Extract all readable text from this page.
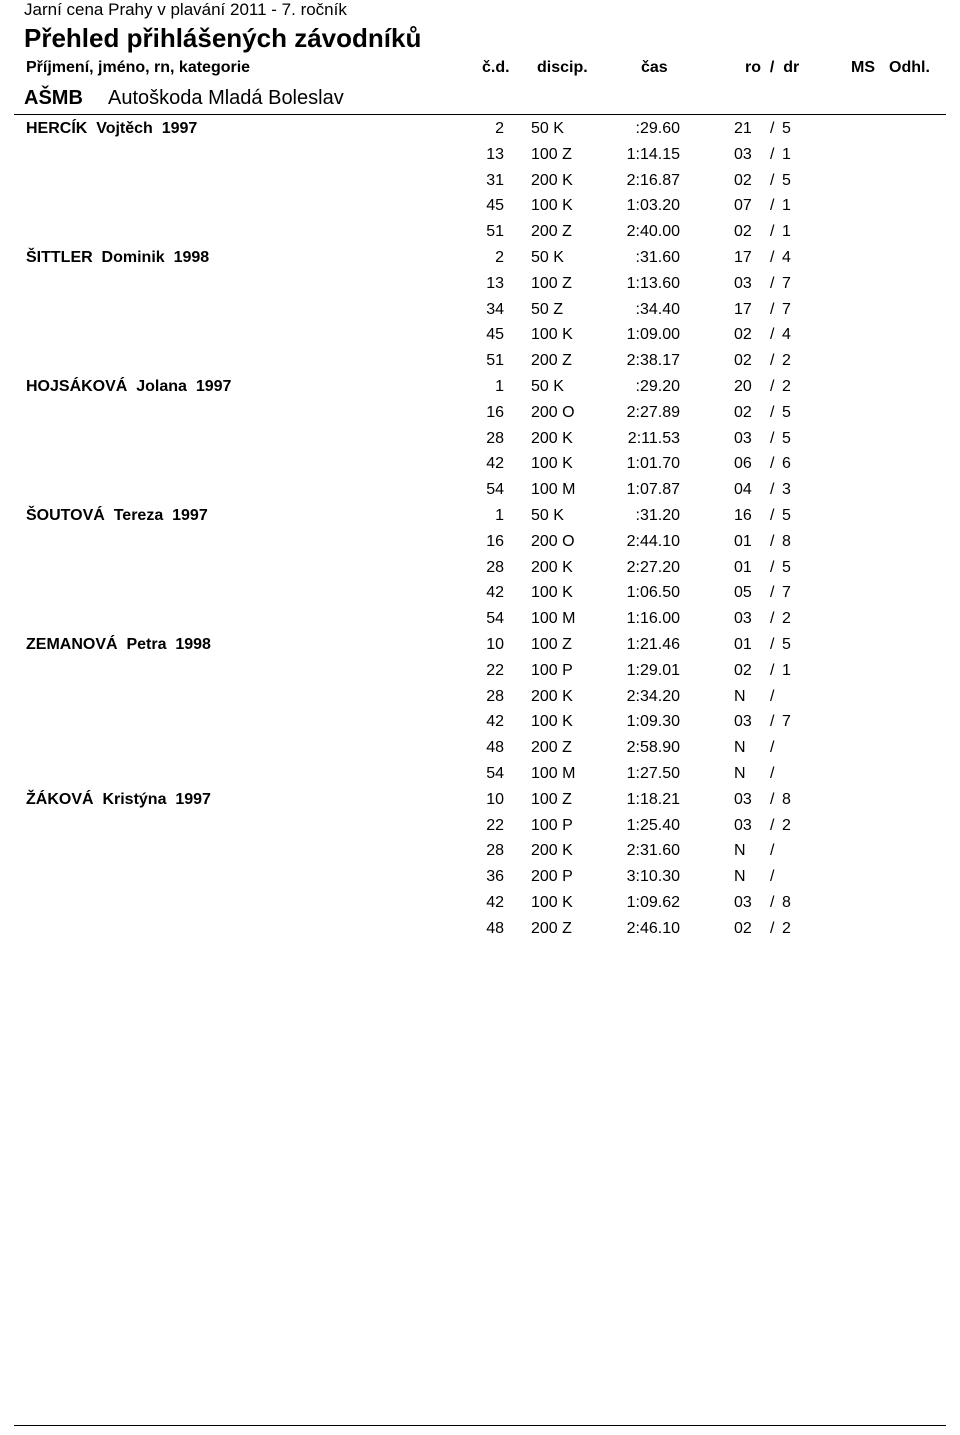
Jarní cena Prahy v plavání 2011 - 7. ročník
Přehled přihlášených závodníků
Příjmení, jméno, rn, kategorie	č.d. discip.	čas	ro  /  dr	MS Odhl.
AŠMB Autoškoda Mladá Boleslav
HERCÍK  Vojtěch  1997	2 50 K	:29.60	21 / 5
13 100 Z	1:14.15	03 / 1
31 200 K	2:16.87	02 / 5
45 100 K	1:03.20	07 / 1
51 200 Z	2:40.00	02 / 1
ŠITTLER  Dominik  1998	2 50 K	:31.60	17 / 4
13 100 Z	1:13.60	03 / 7
34 50 Z	:34.40	17 / 7
45 100 K	1:09.00	02 / 4
51 200 Z	2:38.17	02 / 2
HOJSÁKOVÁ  Jolana  1997	1 50 K	:29.20	20 / 2
16 200 O	2:27.89	02 / 5
28 200 K	2:11.53	03 / 5
42 100 K	1:01.70	06 / 6
54 100 M	1:07.87	04 / 3
ŠOUTOVÁ  Tereza  1997	1 50 K	:31.20	16 / 5
16 200 O	2:44.10	01 / 8
28 200 K	2:27.20	01 / 5
42 100 K	1:06.50	05 / 7
54 100 M	1:16.00	03 / 2
ZEMANOVÁ  Petra  1998	10 100 Z	1:21.46	01 / 5
22 100 P	1:29.01	02 / 1
28 200 K	2:34.20	N /
42 100 K	1:09.30	03 / 7
48 200 Z	2:58.90	N /
54 100 M	1:27.50	N /
ŽÁKOVÁ  Kristýna  1997	10 100 Z	1:18.21	03 / 8
22 100 P	1:25.40	03 / 2
28 200 K	2:31.60	N /
36 200 P	3:10.30	N /
42 100 K	1:09.62	03 / 8
48 200 Z	2:46.10	02 / 2
